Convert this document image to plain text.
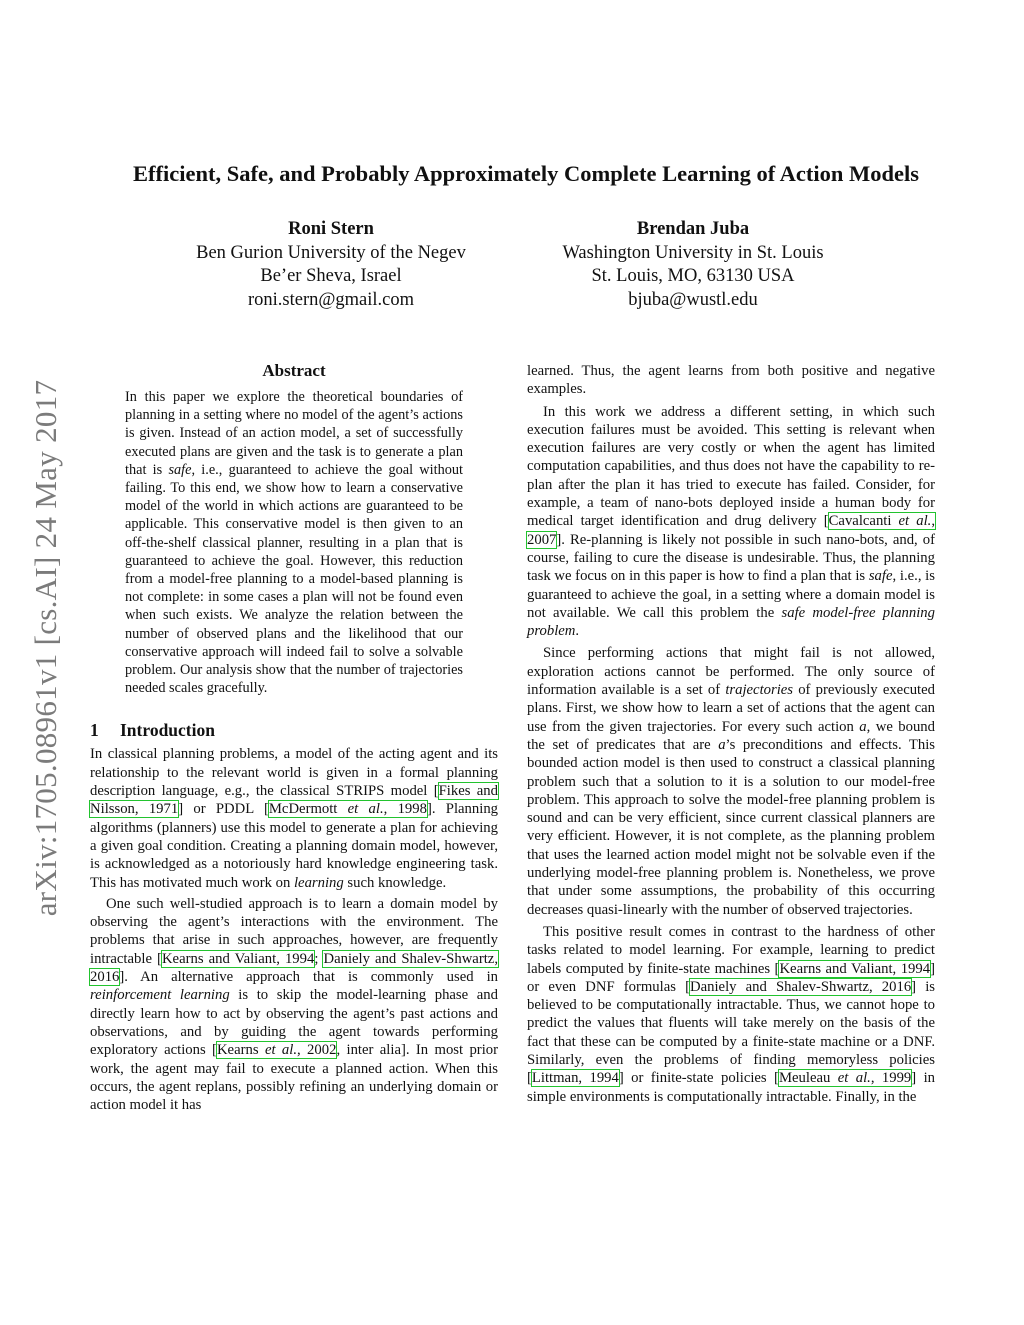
arXiv:1705.08961v1 [cs.AI] 24 May 2017
Efficient, Safe, and Probably Approximately Complete Learning of Action Models
Roni Stern
Ben Gurion University of the Negev
Be’er Sheva, Israel
roni.stern@gmail.com
Brendan Juba
Washington University in St. Louis
St. Louis, MO, 63130 USA
bjuba@wustl.edu
Abstract
In this paper we explore the theoretical boundaries of planning in a setting where no model of the agent’s actions is given. Instead of an action model, a set of successfully executed plans are given and the task is to generate a plan that is safe, i.e., guaranteed to achieve the goal without failing. To this end, we show how to learn a conservative model of the world in which actions are guaranteed to be applicable. This conservative model is then given to an off-the-shelf classical planner, resulting in a plan that is guaranteed to achieve the goal. However, this reduction from a model-free planning to a model-based planning is not complete: in some cases a plan will not be found even when such exists. We analyze the relation between the number of observed plans and the likelihood that our conservative approach will indeed fail to solve a solvable problem. Our analysis show that the number of trajectories needed scales gracefully.
1 Introduction

In classical planning problems, a model of the acting agent and its relationship to the relevant world is given in a formal planning description language, e.g., the classical STRIPS model [Fikes and Nilsson, 1971] or PDDL [McDermott et al., 1998]. Planning algorithms (planners) use this model to generate a plan for achieving a given goal condition. Creating a planning domain model, however, is acknowledged as a notoriously hard knowledge engineering task. This has motivated much work on learning such knowledge.

One such well-studied approach is to learn a domain model by observing the agent’s interactions with the environment. The problems that arise in such approaches, however, are frequently intractable [Kearns and Valiant, 1994; Daniely and Shalev-Shwartz, 2016]. An alternative approach that is commonly used in reinforcement learning is to skip the model-learning phase and directly learn how to act by observing the agent’s past actions and observations, and by guiding the agent towards performing exploratory actions [Kearns et al., 2002, inter alia]. In most prior work, the agent may fail to execute a planned action. When this occurs, the agent replans, possibly refining an underlying domain or action model it has

learned. Thus, the agent learns from both positive and negative examples.

In this work we address a different setting, in which such execution failures must be avoided. This setting is relevant when execution failures are very costly or when the agent has limited computation capabilities, and thus does not have the capability to re-plan after the plan it has tried to execute has failed. Consider, for example, a team of nano-bots deployed inside a human body for medical target identification and drug delivery [Cavalcanti et al., 2007]. Re-planning is likely not possible in such nano-bots, and, of course, failing to cure the disease is undesirable. Thus, the planning task we focus on in this paper is how to find a plan that is safe, i.e., is guaranteed to achieve the goal, in a setting where a domain model is not available. We call this problem the safe model-free planning problem.

Since performing actions that might fail is not allowed, exploration actions cannot be performed. The only source of information available is a set of trajectories of previously executed plans. First, we show how to learn a set of actions that the agent can use from the given trajectories. For every such action a, we bound the set of predicates that are a’s preconditions and effects. This bounded action model is then used to construct a classical planning problem such that a solution to it is a solution to our model-free problem. This approach to solve the model-free planning problem is sound and can be very efficient, since current classical planners are very efficient. However, it is not complete, as the planning problem that uses the learned action model might not be solvable even if the underlying model-free planning problem is. Nonetheless, we prove that under some assumptions, the probability of this occurring decreases quasi-linearly with the number of observed trajectories.

This positive result comes in contrast to the hardness of other tasks related to model learning. For example, learning to predict labels computed by finite-state machines [Kearns and Valiant, 1994] or even DNF formulas [Daniely and Shalev-Shwartz, 2016] is believed to be computationally intractable. Thus, we cannot hope to predict the values that fluents will take merely on the basis of the fact that these can be computed by a finite-state machine or a DNF. Similarly, even the problems of finding memoryless policies [Littman, 1994] or finite-state policies [Meuleau et al., 1999] in simple environments is computationally intractable. Finally, in the
